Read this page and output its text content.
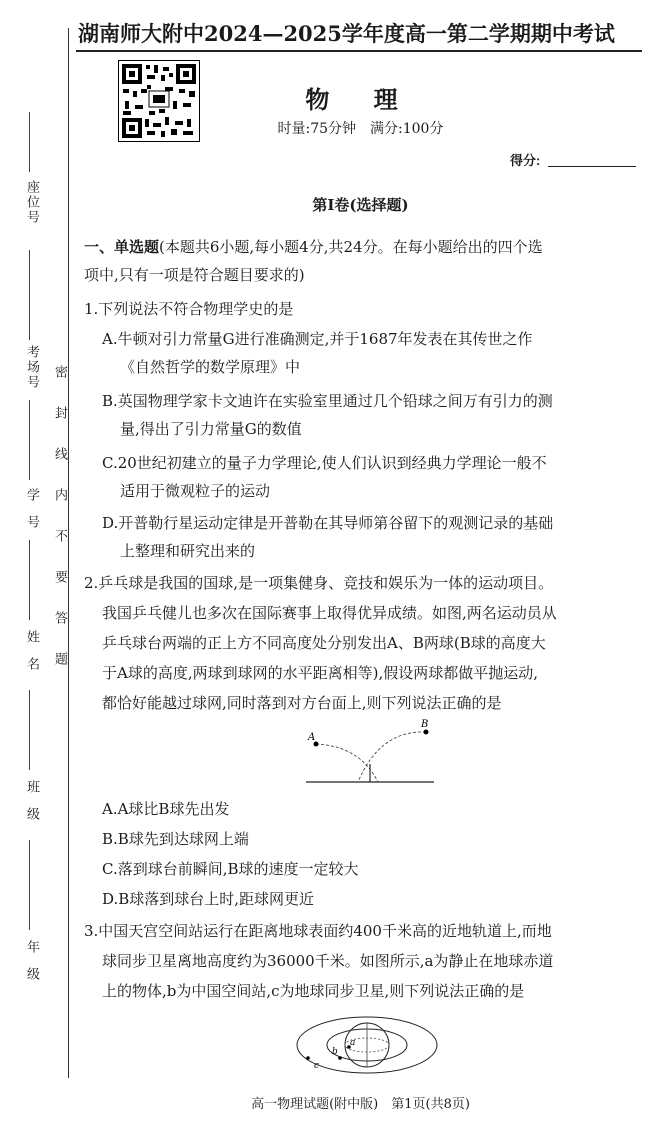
座位号
考场号
学号
姓名
班级
年级
密封线内不要答题
湖南师大附中2024—2025学年度高一第二学期期中考试
物 理
时量:75分钟　满分:100分
得分:
第Ⅰ卷(选择题)
一、单选题(本题共6小题,每小题4分,共24分。在每小题给出的四个选
项中,只有一项是符合题目要求的)
1.下列说法不符合物理学史的是
A.牛顿对引力常量G进行准确测定,并于1687年发表在其传世之作
《自然哲学的数学原理》中
B.英国物理学家卡文迪许在实验室里通过几个铅球之间万有引力的测
量,得出了引力常量G的数值
C.20世纪初建立的量子力学理论,使人们认识到经典力学理论一般不
适用于微观粒子的运动
D.开普勒行星运动定律是开普勒在其导师第谷留下的观测记录的基础
上整理和研究出来的
2.乒乓球是我国的国球,是一项集健身、竞技和娱乐为一体的运动项目。
我国乒乓健儿也多次在国际赛事上取得优异成绩。如图,两名运动员从
乒乓球台两端的正上方不同高度处分别发出A、B两球(B球的高度大
于A球的高度,两球到球网的水平距离相等),假设两球都做平抛运动,
都恰好能越过球网,同时落到对方台面上,则下列说法正确的是
A
B
A.A球比B球先出发
B.B球先到达球网上端
C.落到球台前瞬间,B球的速度一定较大
D.B球落到球台上时,距球网更近
3.中国天宫空间站运行在距离地球表面约400千米高的近地轨道上,而地
球同步卫星离地高度约为36000千米。如图所示,a为静止在地球赤道
上的物体,b为中国空间站,c为地球同步卫星,则下列说法正确的是
a
b
c
高一物理试题(附中版)　第1页(共8页)
